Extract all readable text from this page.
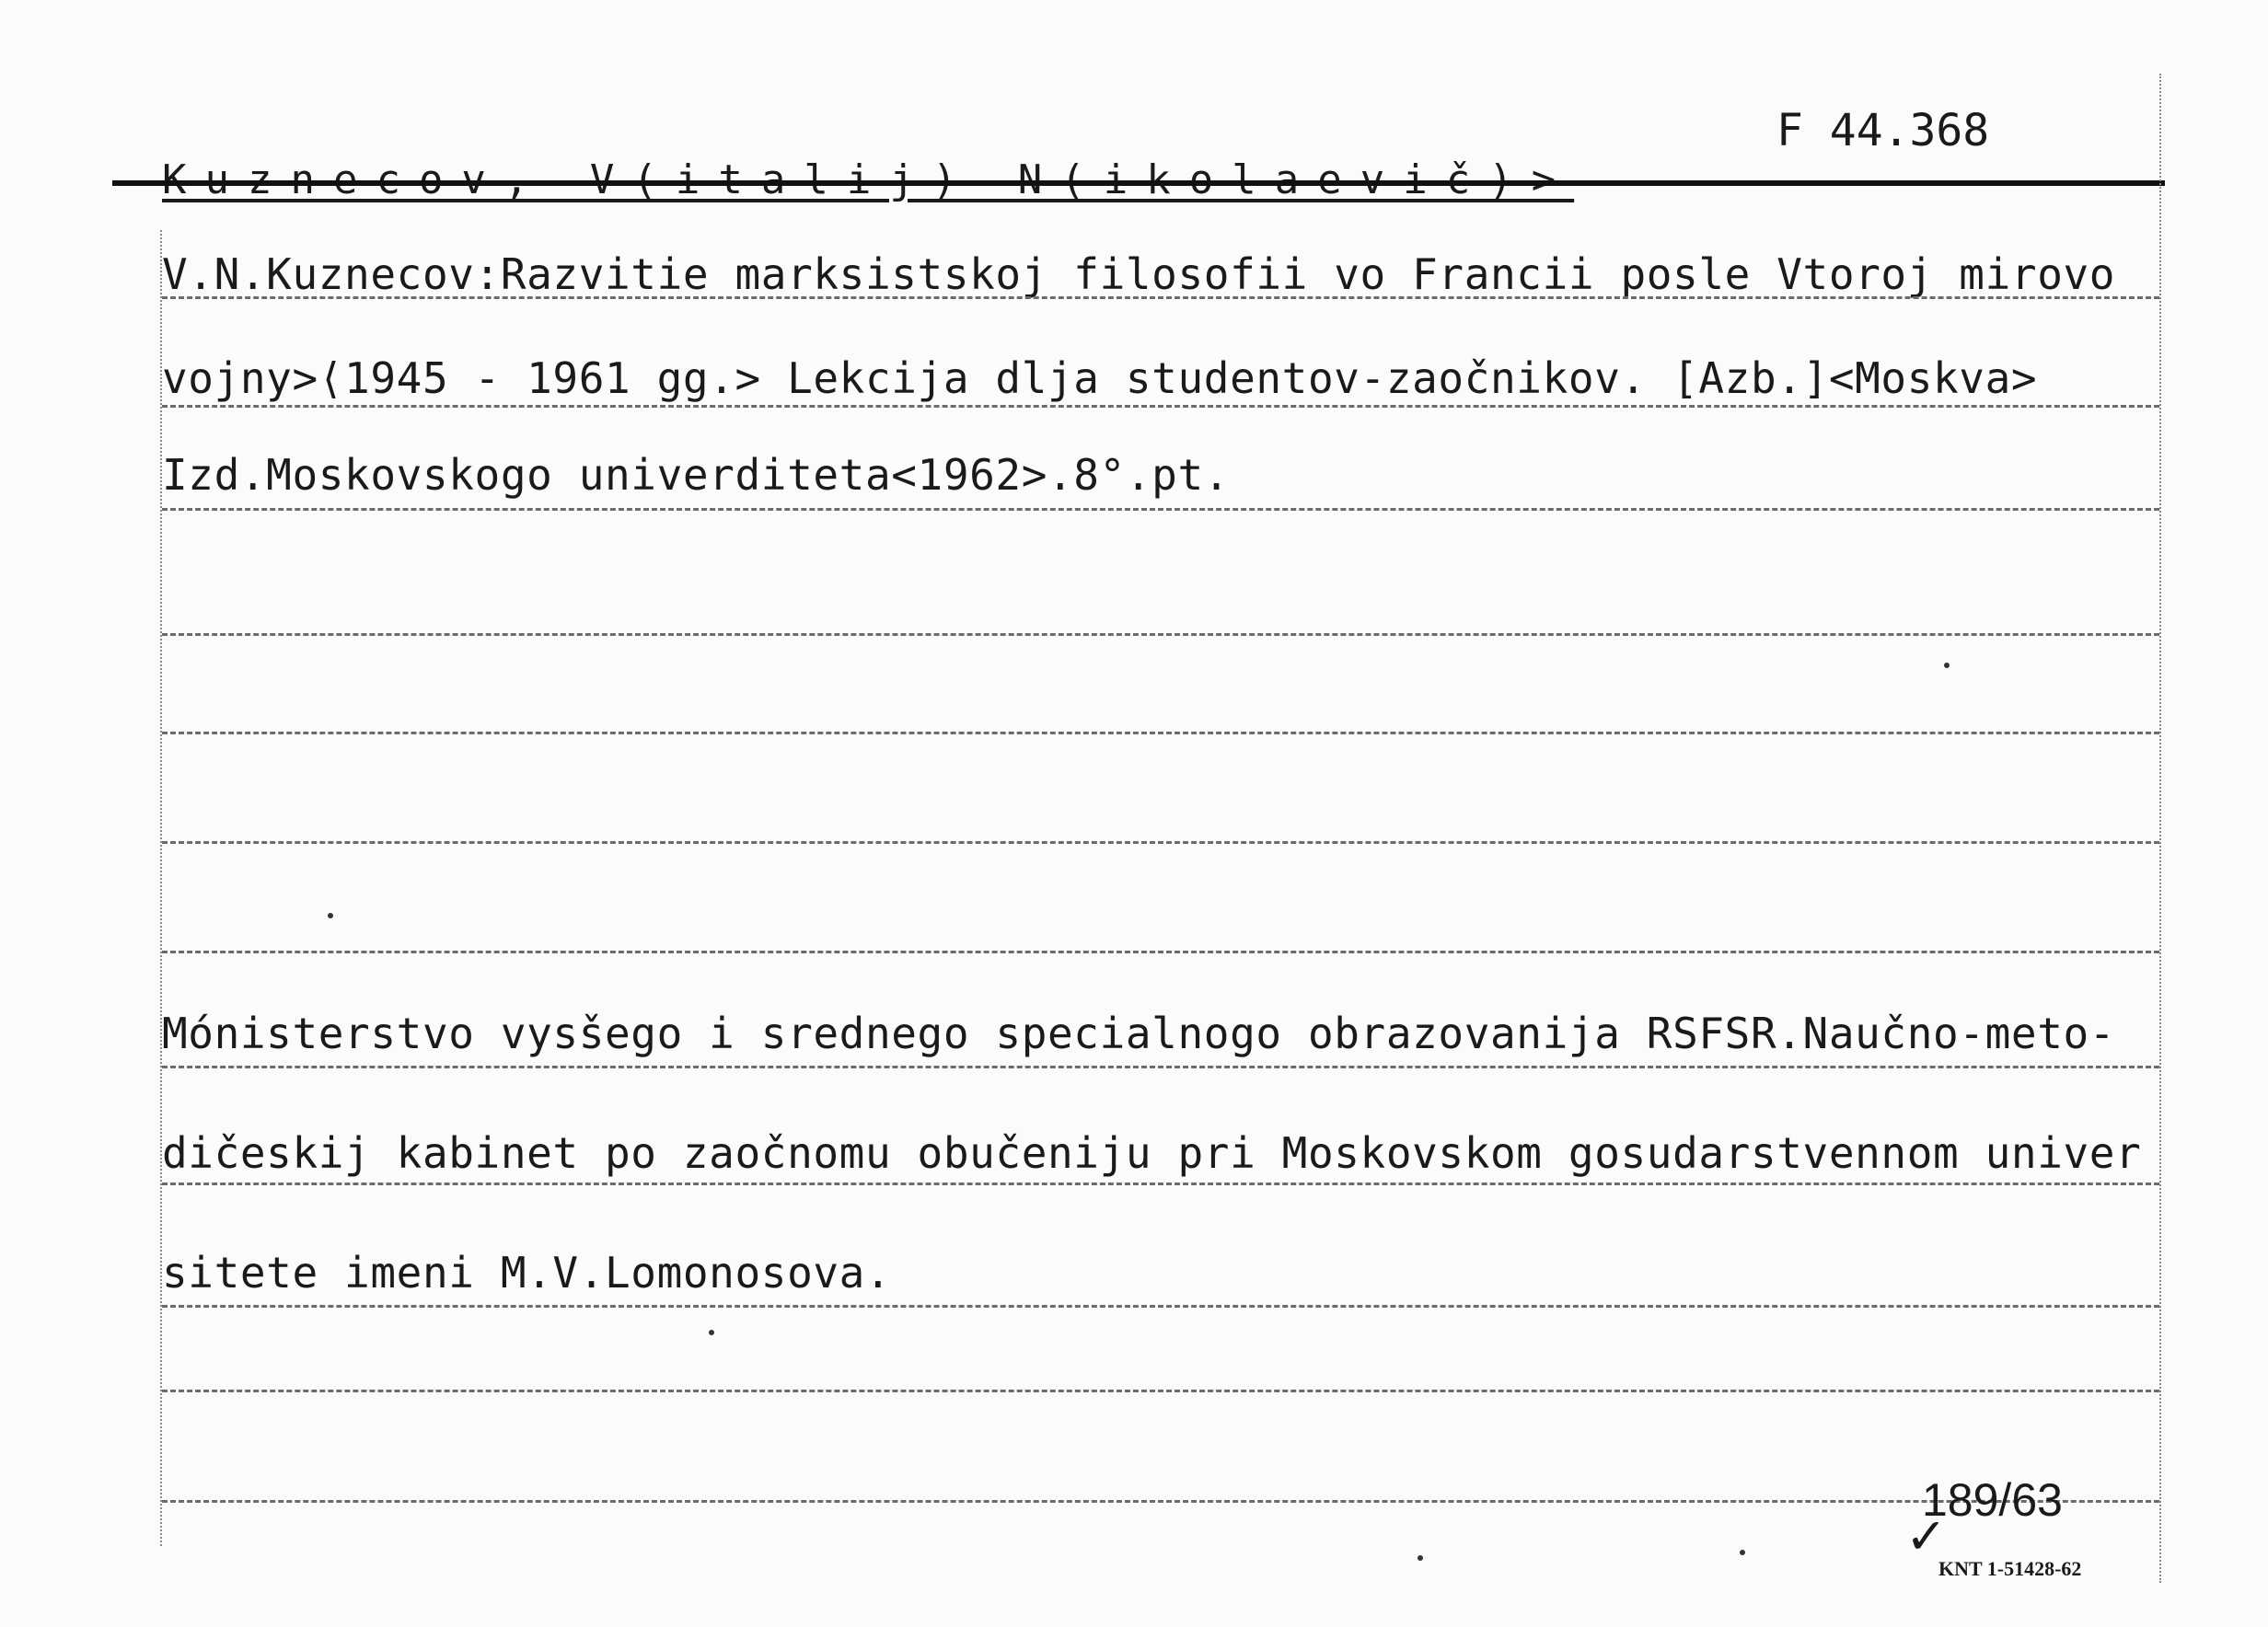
F 44.368
V.N.Kuznecov:Razvitie marksistskoj filosofii vo Francii posle Vtoroj mirovo
vojny>⟨1945 - 1961 gg.> Lekcija dlja studentov-zaočnikov. [Azb.]<Moskva>
Izd.Moskovskogo univerditeta<1962>.8°.pt.
Mónisterstvo vysšego i srednego specialnogo obrazovanija RSFSR.Naučno-meto-
dičeskij kabinet po zaočnomu obučeniju pri Moskovskom gosudarstvennom univer
sitete imeni M.V.Lomonosova.
189/63
✓
KNT 1-51428-62
